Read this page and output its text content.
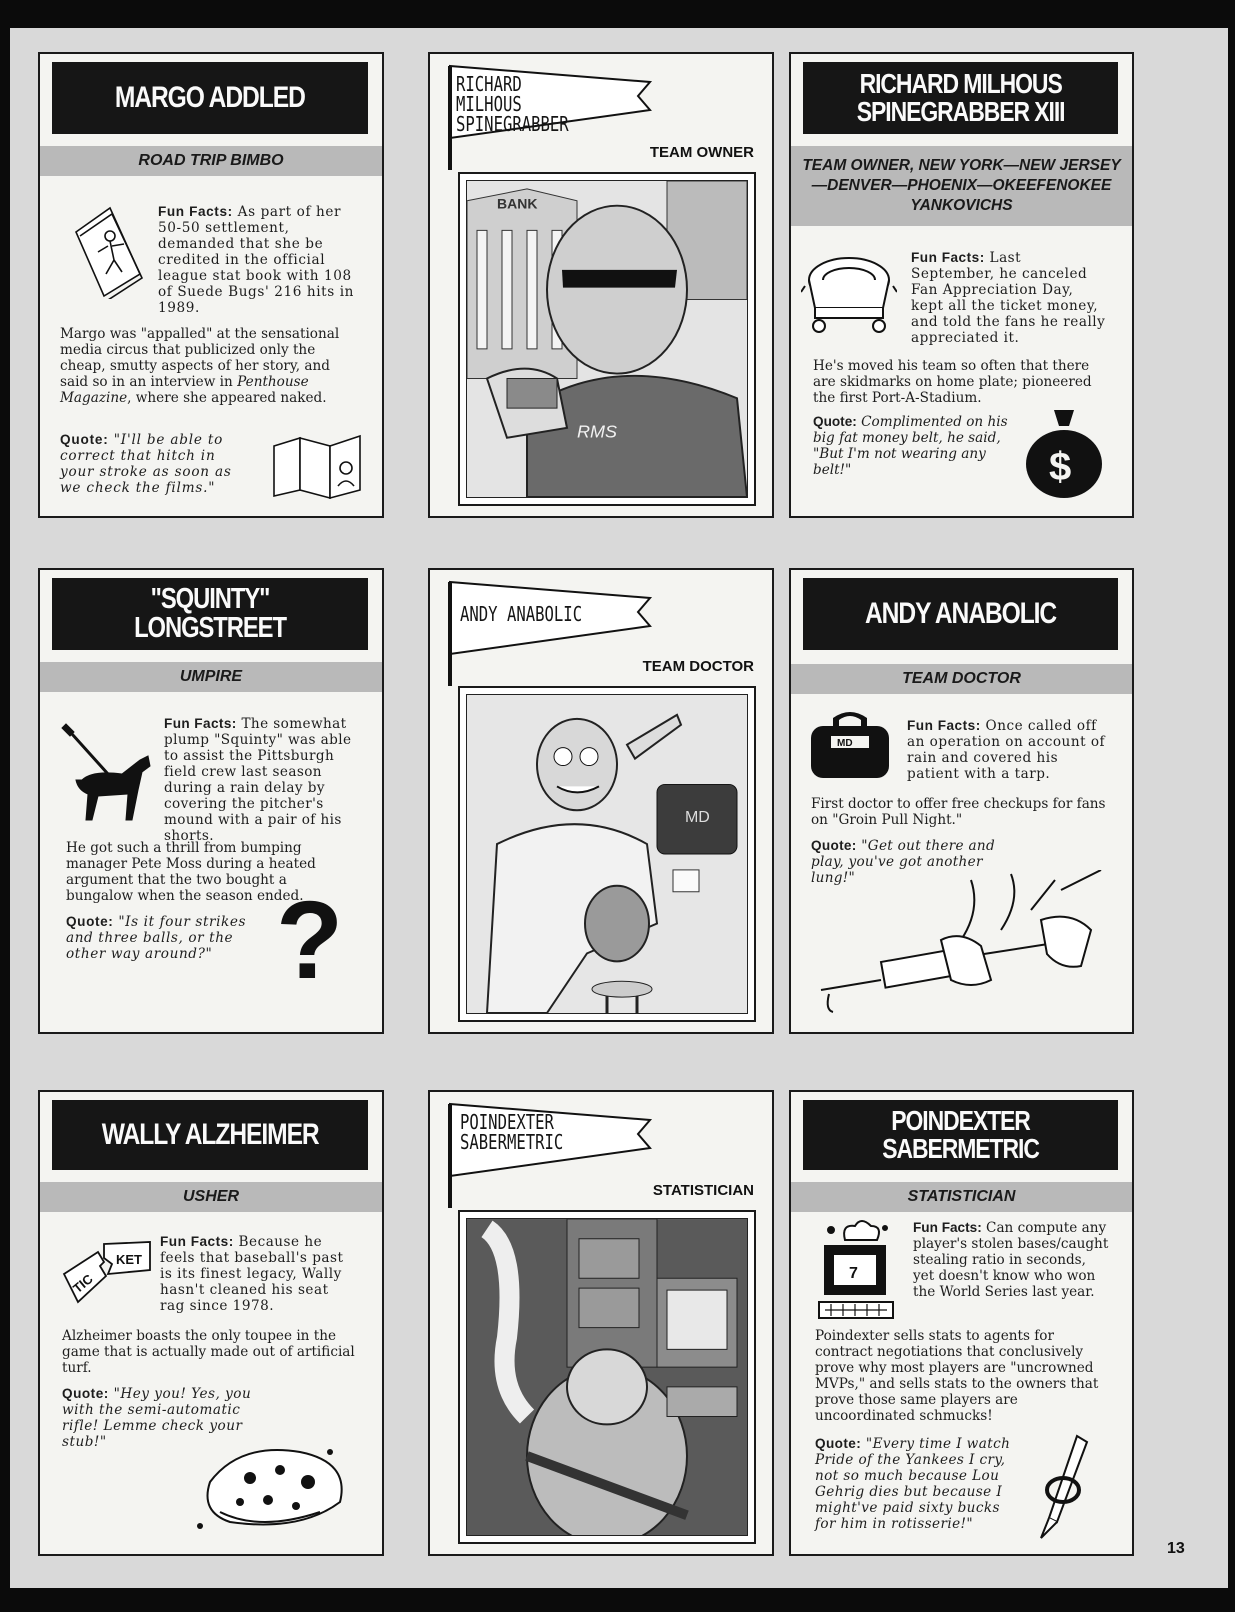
MARGO ADDLED
ROAD TRIP BIMBO

Fun Facts: As part of her 50-50 settlement, demanded that she be credited in the official league stat book with 108 of Suede Bugs' 216 hits in 1989.

Margo was "appalled" at the sensational media circus that publicized only the cheap, smutty aspects of her story, and said so in an interview in Penthouse Magazine, where she appeared naked.

Quote: "I'll be able to correct that hitch in your stroke as soon as we check the films."

RICHARD MILHOUS
SPINEGRABBER
TEAM OWNER
BANK
RMS
RICHARD MILHOUS
SPINEGRABBER XIII
TEAM OWNER, NEW YORK—NEW JERSEY—DENVER—PHOENIX—OKEEFENOKEE YANKOVICHS

Fun Facts: Last September, he canceled Fan Appreciation Day, kept all the ticket money, and told the fans he really appreciated it.

He's moved his team so often that there are skidmarks on home plate; pioneered the first Port-A-Stadium.

Quote: Complimented on his big fat money belt, he said, "But I'm not wearing any belt!"	$
"SQUINTY" LONGSTREET
UMPIRE

Fun Facts: The somewhat plump "Squinty" was able to assist the Pittsburgh field crew last season during a rain delay by covering the pitcher's mound with a pair of his shorts.

He got such a thrill from bumping manager Pete Moss during a heated argument that the two bought a bungalow when the season ended.

Quote: "Is it four strikes and three balls, or the other way around?" ?
ANDY ANABOLIC
TEAM DOCTOR
MD
ANDY ANABOLIC
TEAM DOCTOR
MD

Fun Facts: Once called off an operation on account of rain and covered his patient with a tarp.

First doctor to offer free checkups for fans on "Groin Pull Night."

Quote: "Get out there and play, you've got another lung!"

WALLY ALZHEIMER
USHER
TIC
KET

Fun Facts: Because he feels that baseball's past is its finest legacy, Wally hasn't cleaned his seat rag since 1978.

Alzheimer boasts the only toupee in the game that is actually made out of artificial turf.

Quote: "Hey you! Yes, you with the semi-automatic rifle! Lemme check your stub!"

POINDEXTER
SABERMETRIC
STATISTICIAN
POINDEXTER
SABERMETRIC
STATISTICIAN
7

Fun Facts: Can compute any player's stolen bases/caught stealing ratio in seconds, yet doesn't know who won the World Series last year.

Poindexter sells stats to agents for contract negotiations that conclusively prove why most players are "uncrowned MVPs," and sells stats to the owners that prove those same players are uncoordinated schmucks!

Quote: "Every time I watch Pride of the Yankees I cry, not so much because Lou Gehrig dies but because I might've paid sixty bucks for him in rotisserie!"

13
